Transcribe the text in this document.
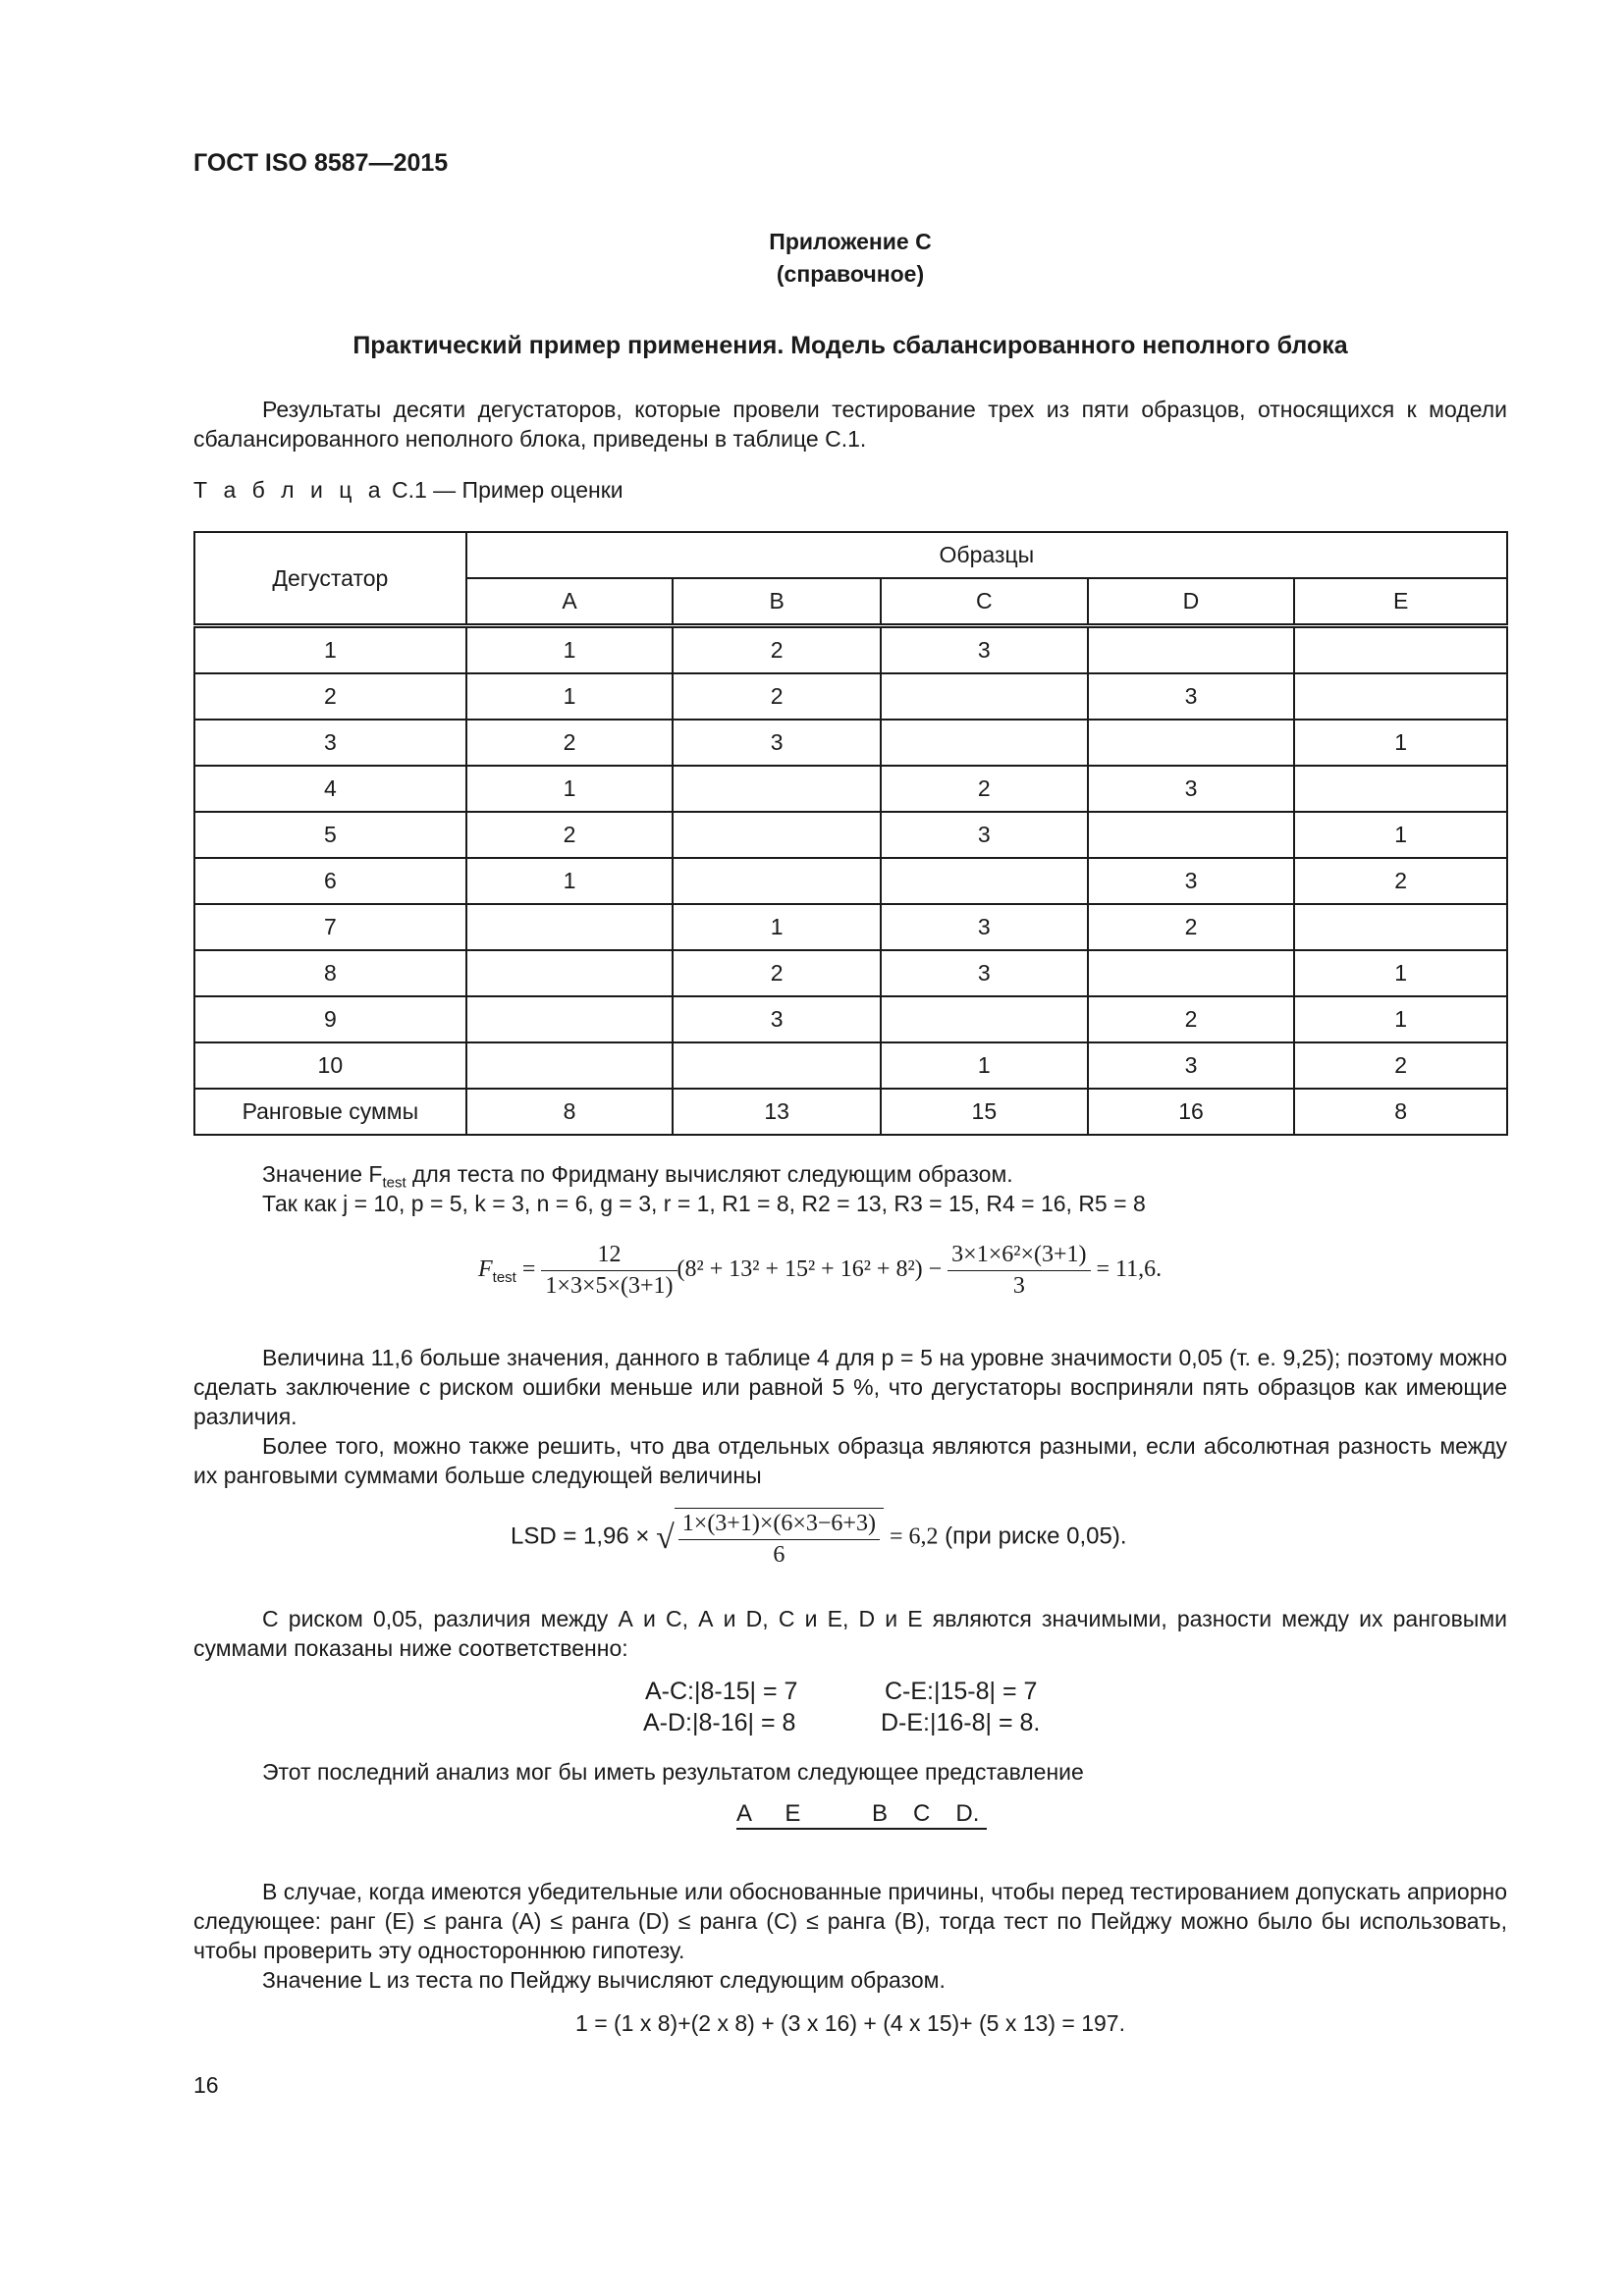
ГОСТ ISO 8587—2015
Приложение С
(справочное)
Практический пример применения. Модель сбалансированного неполного блока
Результаты десяти дегустаторов, которые провели тестирование трех из пяти образцов, относящихся к модели сбалансированного неполного блока, приведены в таблице С.1.
Т а б л и ц а С.1 — Пример оценки
Дегустатор	Образцы				
	A	B	C	D	E
1	1	2	3		
2	1	2		3	
3	2	3			1
4	1		2	3	
5	2		3		1
6	1			3	2
7		1	3	2	
8		2	3		1
9		3		2	1
10			1	3	2
Ранговые суммы	8	13	15	16	8
Значение $F_{test}$ для теста по Фридману вычисляют следующим образом.
Так как j = 10, p = 5, k = 3, n = 6, g = 3, r = 1, R1 = 8, R2 = 13, R3 = 15, R4 = 16, R5 = 8
$F_{test} = \frac{12}{1\times 3\times 5\times(3+1)} (8^2 + 13^2 + 15^2 + 16^2 + 8^2) - \frac{\text{3×1×6²×(3+1)}}{3} = 11,6$.
Величина 11,6 больше значения, данного в таблице 4 для p = 5 на уровне значимости 0,05 (т. е. 9,25); поэтому можно сделать заключение с риском ошибки меньше или равной 5 %, что дегустаторы восприняли пять образцов как имеющие различия.
Более того, можно также решить, что два отдельных образца являются разными, если абсолютная разность между их ранговыми суммами больше следующей величины
LSD = 1,96 × √ $\frac{1\times(3+1)\times(6\times 3-6+3)}{6} = 6,2$ (при риске 0,05).
С риском 0,05, различия между А и С, А и D, С и Е, D и Е являются значимыми, разности между их ранговыми суммами показаны ниже соответственно:
А-С:|8-15| = 7	С-Е:|15-8| = 7
А-D:|8-16| = 8	D-E:|16-8| = 8.
Этот последний анализ мог бы иметь результатом следующее представление
A E	B C D.
В случае, когда имеются убедительные или обоснованные причины, чтобы перед тестированием допускать априорно следующее: ранг (Е) ≤ ранга (А) ≤ ранга (D) ≤ ранга (С) ≤ ранга (В), тогда тест по Пейджу можно было бы использовать, чтобы проверить эту одностороннюю гипотезу.
Значение L из теста по Пейджу вычисляют следующим образом.
1 = (1 х 8)+(2 х 8) + (3 х 16) + (4 х 15)+ (5 х 13) = 197.
16
